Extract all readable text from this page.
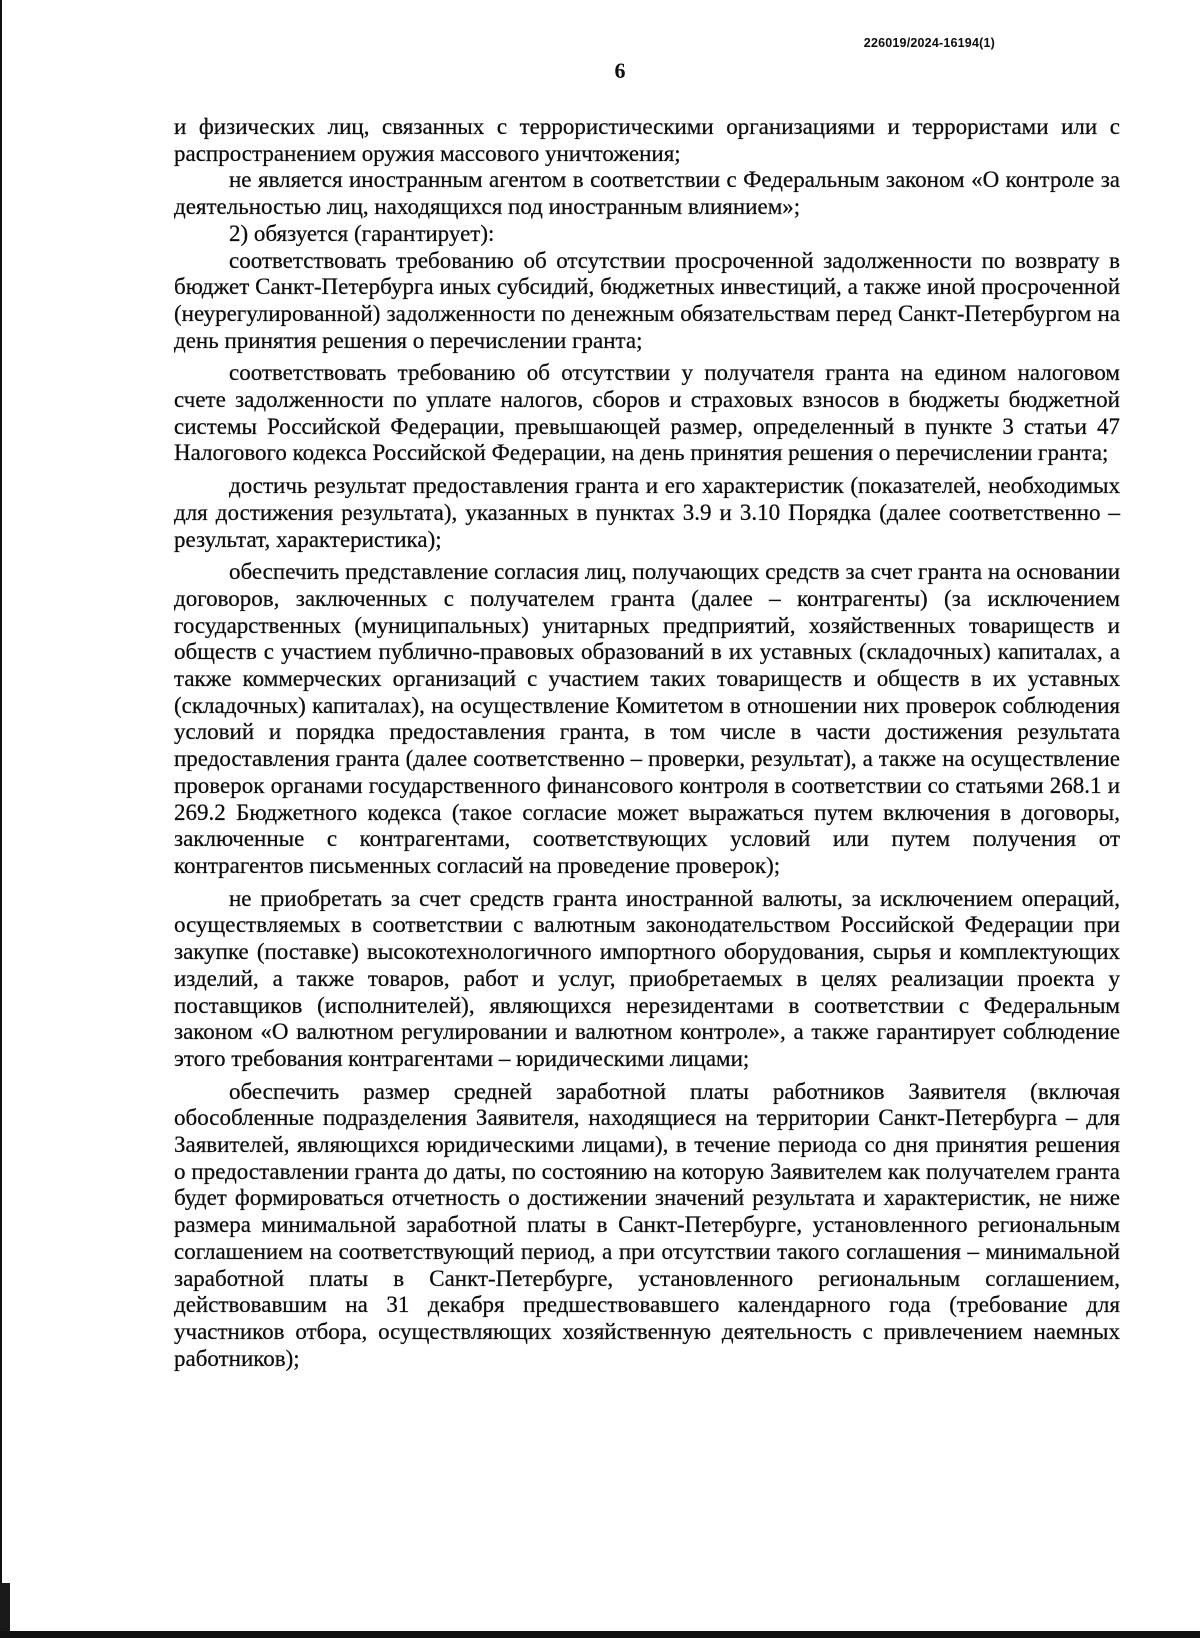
226019/2024-16194(1)
6

и физических лиц, связанных с террористическими организациями и террористами или с распространением оружия массового уничтожения;

не является иностранным агентом в соответствии с Федеральным законом «О контроле за деятельностью лиц, находящихся под иностранным влиянием»;

2) обязуется (гарантирует):

соответствовать требованию об отсутствии просроченной задолженности по возврату в бюджет Санкт-Петербурга иных субсидий, бюджетных инвестиций, а также иной просроченной (неурегулированной) задолженности по денежным обязательствам перед Санкт-Петербургом на день принятия решения о перечислении гранта;

соответствовать требованию об отсутствии у получателя гранта на едином налоговом счете задолженности по уплате налогов, сборов и страховых взносов в бюджеты бюджетной системы Российской Федерации, превышающей размер, определенный в пункте 3 статьи 47 Налогового кодекса Российской Федерации, на день принятия решения о перечислении гранта;

достичь результат предоставления гранта и его характеристик (показателей, необходимых для достижения результата), указанных в пунктах 3.9 и 3.10 Порядка (далее соответственно – результат, характеристика);

обеспечить представление согласия лиц, получающих средств за счет гранта на основании договоров, заключенных с получателем гранта (далее – контрагенты) (за исключением государственных (муниципальных) унитарных предприятий, хозяйственных товариществ и обществ с участием публично-правовых образований в их уставных (складочных) капиталах, а также коммерческих организаций с участием таких товариществ и обществ в их уставных (складочных) капиталах), на осуществление Комитетом в отношении них проверок соблюдения условий и порядка предоставления гранта, в том числе в части достижения результата предоставления гранта (далее соответственно – проверки, результат), а также на осуществление проверок органами государственного финансового контроля в соответствии со статьями 268.1 и 269.2 Бюджетного кодекса (такое согласие может выражаться путем включения в договоры, заключенные с контрагентами, соответствующих условий или путем получения от контрагентов письменных согласий на проведение проверок);

не приобретать за счет средств гранта иностранной валюты, за исключением операций, осуществляемых в соответствии с валютным законодательством Российской Федерации при закупке (поставке) высокотехнологичного импортного оборудования, сырья и комплектующих изделий, а также товаров, работ и услуг, приобретаемых в целях реализации проекта у поставщиков (исполнителей), являющихся нерезидентами в соответствии с Федеральным законом «О валютном регулировании и валютном контроле», а также гарантирует соблюдение этого требования контрагентами – юридическими лицами;

обеспечить размер средней заработной платы работников Заявителя (включая обособленные подразделения Заявителя, находящиеся на территории Санкт-Петербурга – для Заявителей, являющихся юридическими лицами), в течение периода со дня принятия решения о предоставлении гранта до даты, по состоянию на которую Заявителем как получателем гранта будет формироваться отчетность о достижении значений результата и характеристик, не ниже размера минимальной заработной платы в Санкт-Петербурге, установленного региональным соглашением на соответствующий период, а при отсутствии такого соглашения – минимальной заработной платы в Санкт-Петербурге, установленного региональным соглашением, действовавшим на 31 декабря предшествовавшего календарного года (требование для участников отбора, осуществляющих хозяйственную деятельность с привлечением наемных работников);
